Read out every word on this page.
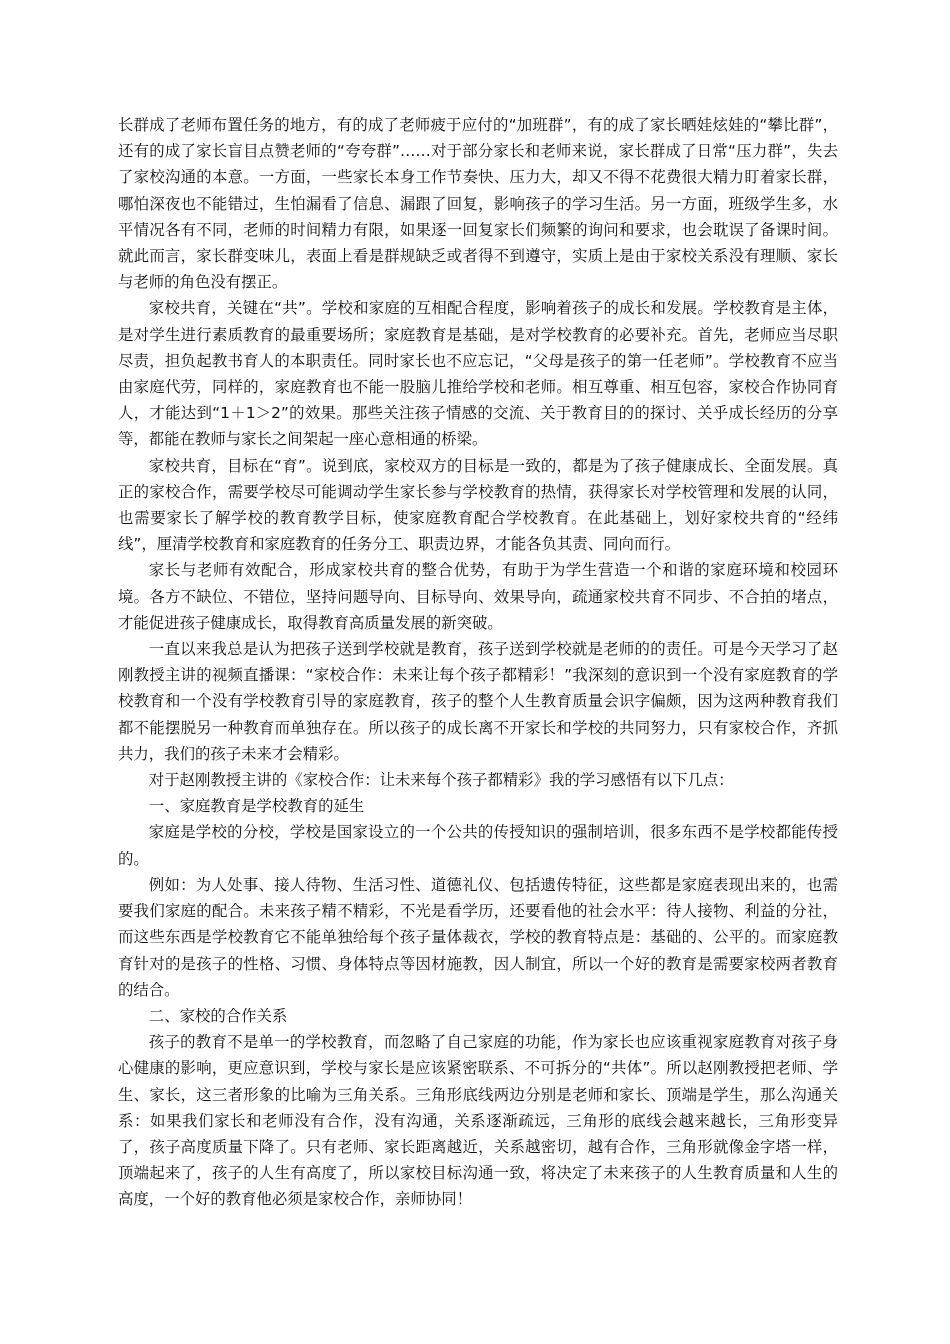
长群成了老师布置任务的地方，有的成了老师疲于应付的“加班群”，有的成了家长晒娃炫娃的“攀比群”，还有的成了家长盲目点赞老师的“夸夸群”……对于部分家长和老师来说，家长群成了日常“压力群”，失去了家校沟通的本意。一方面，一些家长本身工作节奏快、压力大，却又不得不花费很大精力盯着家长群，哪怕深夜也不能错过，生怕漏看了信息、漏跟了回复，影响孩子的学习生活。另一方面，班级学生多，水平情况各有不同，老师的时间精力有限，如果逐一回复家长们频繁的询问和要求，也会耽误了备课时间。就此而言，家长群变味儿，表面上看是群规缺乏或者得不到遵守，实质上是由于家校关系没有理顺、家长与老师的角色没有摆正。

家校共育，关键在“共”。学校和家庭的互相配合程度，影响着孩子的成长和发展。学校教育是主体，是对学生进行素质教育的最重要场所；家庭教育是基础，是对学校教育的必要补充。首先，老师应当尽职尽责，担负起教书育人的本职责任。同时家长也不应忘记，“父母是孩子的第一任老师”。学校教育不应当由家庭代劳，同样的，家庭教育也不能一股脑儿推给学校和老师。相互尊重、相互包容，家校合作协同育人，才能达到“1＋1＞2”的效果。那些关注孩子情感的交流、关于教育目的的探讨、关乎成长经历的分享等，都能在教师与家长之间架起一座心意相通的桥梁。

家校共育，目标在“育”。说到底，家校双方的目标是一致的，都是为了孩子健康成长、全面发展。真正的家校合作，需要学校尽可能调动学生家长参与学校教育的热情，获得家长对学校管理和发展的认同，也需要家长了解学校的教育教学目标，使家庭教育配合学校教育。在此基础上，划好家校共育的“经纬线”，厘清学校教育和家庭教育的任务分工、职责边界，才能各负其责、同向而行。

家长与老师有效配合，形成家校共育的整合优势，有助于为学生营造一个和谐的家庭环境和校园环境。各方不缺位、不错位，坚持问题导向、目标导向、效果导向，疏通家校共育不同步、不合拍的堵点，才能促进孩子健康成长，取得教育高质量发展的新突破。

一直以来我总是认为把孩子送到学校就是教育，孩子送到学校就是老师的的责任。可是今天学习了赵刚教授主讲的视频直播课：“家校合作：未来让每个孩子都精彩！”我深刻的意识到一个没有家庭教育的学校教育和一个没有学校教育引导的家庭教育，孩子的整个人生教育质量会识字偏颇，因为这两种教育我们都不能摆脱另一种教育而单独存在。所以孩子的成长离不开家长和学校的共同努力，只有家校合作，齐抓共力，我们的孩子未来才会精彩。

对于赵刚教授主讲的《家校合作：让未来每个孩子都精彩》我的学习感悟有以下几点：

一、家庭教育是学校教育的延生

家庭是学校的分校，学校是国家设立的一个公共的传授知识的强制培训，很多东西不是学校都能传授的。

例如：为人处事、接人待物、生活习性、道德礼仪、包括遗传特征，这些都是家庭表现出来的，也需要我们家庭的配合。未来孩子精不精彩，不光是看学历，还要看他的社会水平：待人接物、利益的分社，而这些东西是学校教育它不能单独给每个孩子量体裁衣，学校的教育特点是：基础的、公平的。而家庭教育针对的是孩子的性格、习惯、身体特点等因材施教，因人制宜，所以一个好的教育是需要家校两者教育的结合。

二、家校的合作关系

孩子的教育不是单一的学校教育，而忽略了自己家庭的功能，作为家长也应该重视家庭教育对孩子身心健康的影响，更应意识到，学校与家长是应该紧密联系、不可拆分的“共体”。所以赵刚教授把老师、学生、家长，这三者形象的比喻为三角关系。三角形底线两边分别是老师和家长、顶端是学生，那么沟通关系：如果我们家长和老师没有合作，没有沟通，关系逐渐疏远，三角形的底线会越来越长，三角形变异了，孩子高度质量下降了。只有老师、家长距离越近，关系越密切，越有合作，三角形就像金字塔一样，顶端起来了，孩子的人生有高度了，所以家校目标沟通一致，将决定了未来孩子的人生教育质量和人生的高度，一个好的教育他必须是家校合作，亲师协同！
